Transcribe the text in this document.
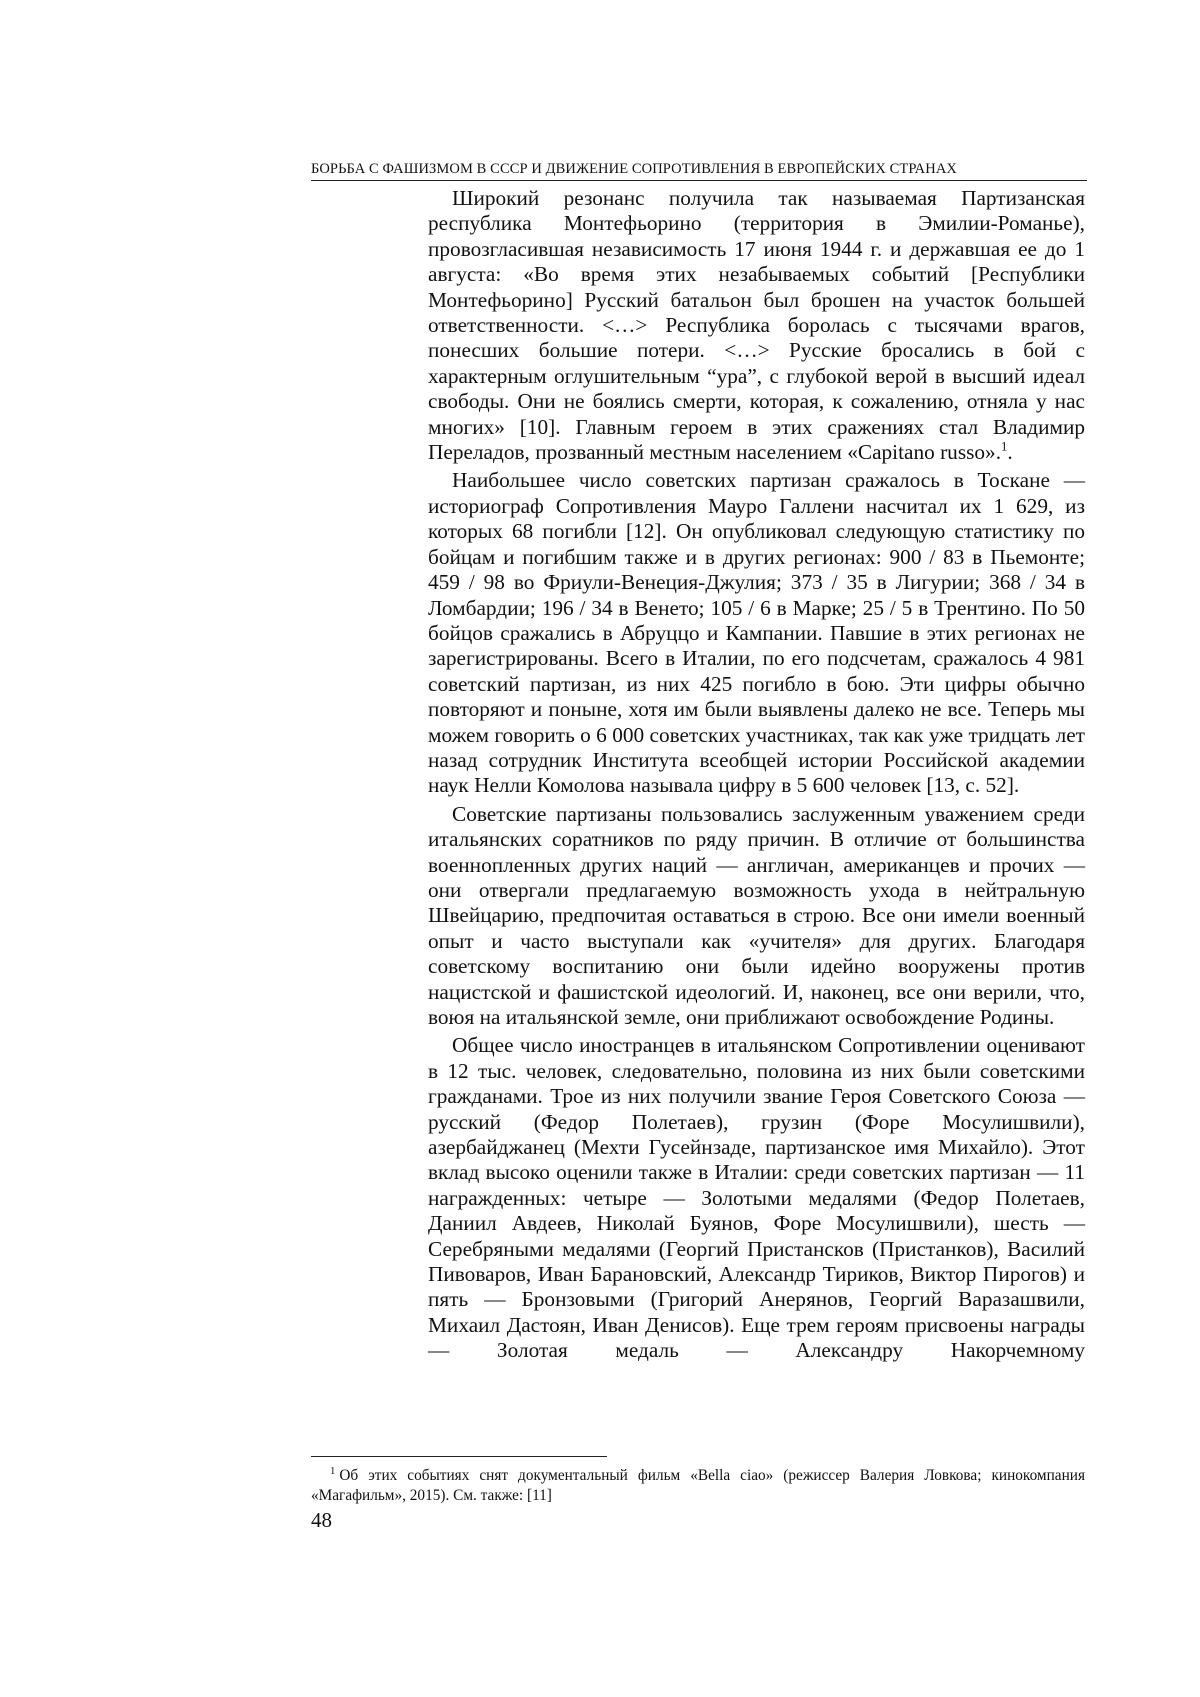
БОРЬБА С ФАШИЗМОМ В СССР И ДВИЖЕНИЕ СОПРОТИВЛЕНИЯ В ЕВРОПЕЙСКИХ СТРАНАХ

Широкий резонанс получила так называемая Партизанская республика Монтефьорино (территория в Эмилии-Романье), провозгласившая независимость 17 июня 1944 г. и державшая ее до 1 августа: «Во время этих незабываемых событий [Республики Монтефьорино] Русский батальон был брошен на участок большей ответственности. <…> Республика боролась с тысячами врагов, понесших большие потери. <…> Русские бросались в бой с характерным оглушительным “ура”, с глубокой верой в высший идеал свободы. Они не боялись смерти, которая, к сожалению, отняла у нас многих» [10]. Главным героем в этих сражениях стал Владимир Переладов, прозванный местным населением «Capitano russo».$^1$.

Наибольшее число советских партизан сражалось в Тоскане — историограф Сопротивления Мауро Галлени насчитал их 1 629, из которых 68 погибли [12]. Он опубликовал следующую статистику по бойцам и погибшим также и в других регионах: 900 / 83 в Пьемонте; 459 / 98 во Фриули-Венеция-Джулия; 373 / 35 в Лигурии; 368 / 34 в Ломбардии; 196 / 34 в Венето; 105 / 6 в Марке; 25 / 5 в Трентино. По 50 бойцов сражались в Абруццо и Кампании. Павшие в этих регионах не зарегистрированы. Всего в Италии, по его подсчетам, сражалось 4 981 советский партизан, из них 425 погибло в бою. Эти цифры обычно повторяют и поныне, хотя им были выявлены далеко не все. Теперь мы можем говорить о 6 000 советских участниках, так как уже тридцать лет назад сотрудник Института всеобщей истории Российской академии наук Нелли Комолова называла цифру в 5 600 человек [13, с. 52].

Советские партизаны пользовались заслуженным уважением среди итальянских соратников по ряду причин. В отличие от большинства военнопленных других наций — англичан, американцев и прочих — они отвергали предлагаемую возможность ухода в нейтральную Швейцарию, предпочитая оставаться в строю. Все они имели военный опыт и часто выступали как «учителя» для других. Благодаря советскому воспитанию они были идейно вооружены против нацистской и фашистской идеологий. И, наконец, все они верили, что, воюя на итальянской земле, они приближают освобождение Родины.

Общее число иностранцев в итальянском Сопротивлении оценивают в 12 тыс. человек, следовательно, половина из них были советскими гражданами. Трое из них получили звание Героя Советского Союза — русский (Федор Полетаев), грузин (Форе Мосулишвили), азербайджанец (Мехти Гусейнзаде, партизанское имя Михайло). Этот вклад высоко оценили также в Италии: среди советских партизан — 11 награжденных: четыре — Золотыми медалями (Федор Полетаев, Даниил Авдеев, Николай Буянов, Форе Мосулишвили), шесть — Серебряными медалями (Георгий Пристансков (Пристанков), Василий Пивоваров, Иван Барановский, Александр Тириков, Виктор Пирогов) и пять — Бронзовыми (Григорий Анерянов, Георгий Варазашвили, Михаил Дастоян, Иван Денисов). Еще трем героям присвоены награды — Золотая медаль — Александру Накорчемному

$^1$ Об этих событиях снят документальный фильм «Bella ciao» (режиссер Валерия Ловкова; кинокомпания «Магафильм», 2015). См. также: [11]
48
